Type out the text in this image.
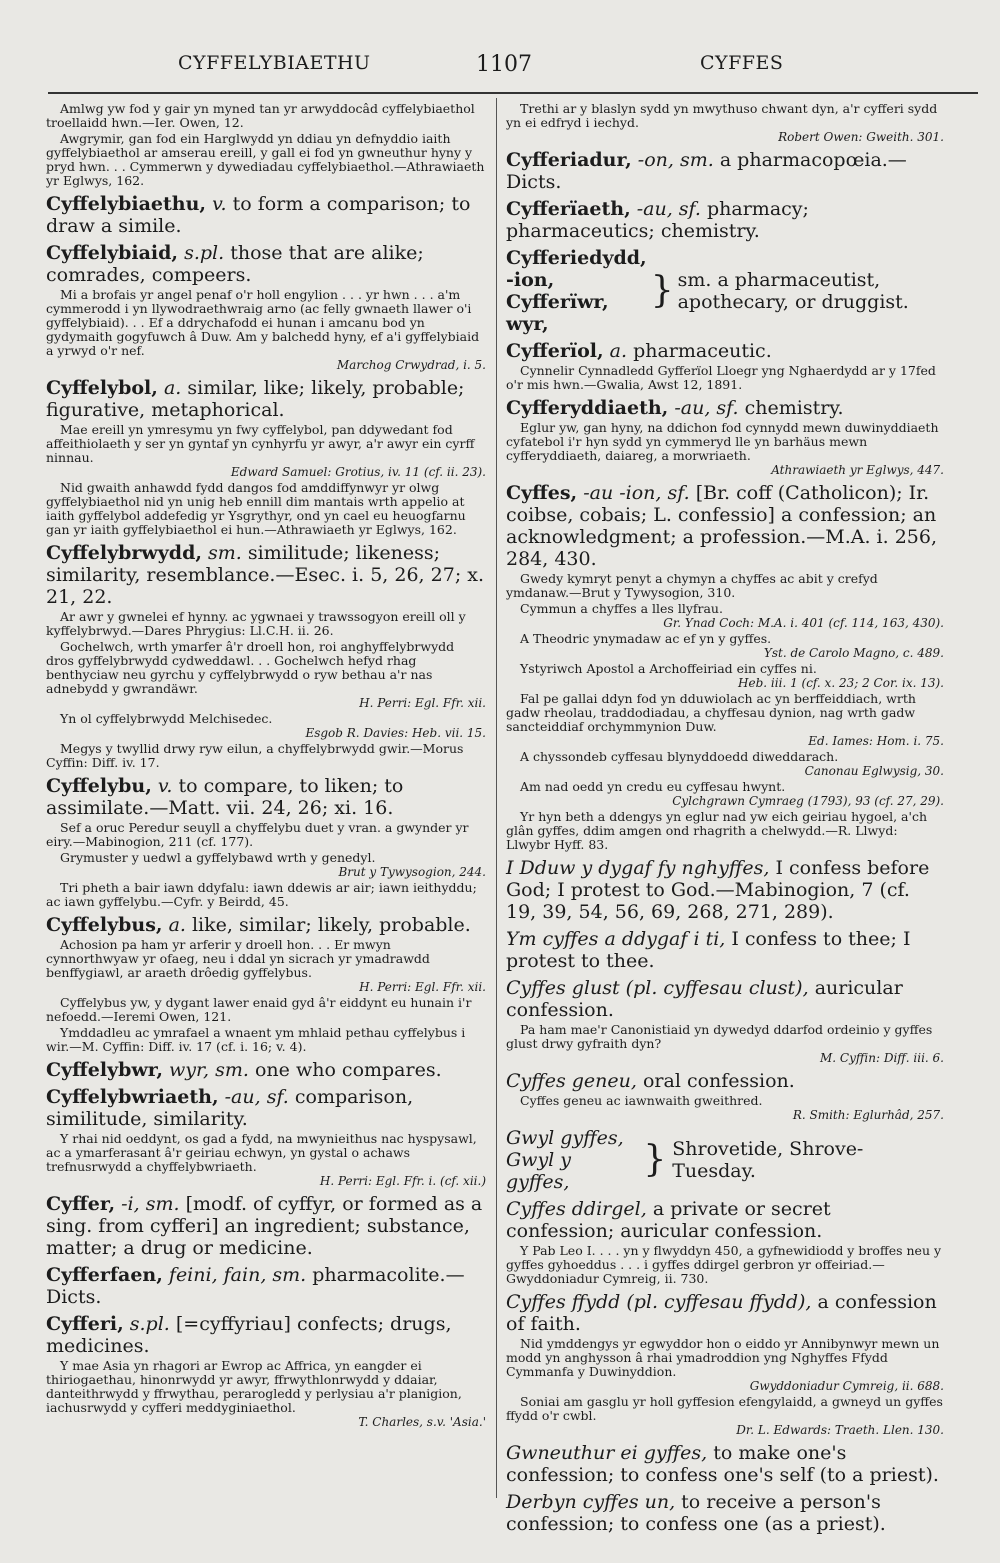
CYFFELYBIAETHU	1107	CYFFES

Amlwg yw fod y gair yn myned tan yr arwyddocâd cyffelybiaethol troellaidd hwn.—Ier. Owen, 12.

Awgrymir, gan fod ein Harglwydd yn ddiau yn defnyddio iaith gyffelybiaethol ar amserau ereill, y gall ei fod yn gwneuthur hyny y pryd hwn. . . Cymmerwn y dywediadau cyffelybiaethol.—Athrawiaeth yr Eglwys, 162.

Cyffelybiaethu, v. to form a comparison; to draw a simile.
Cyffelybiaid, s.pl. those that are alike; comrades, compeers.

Mi a brofais yr angel penaf o'r holl engylion . . . yr hwn . . . a'm cymmerodd i yn llywodraethwraig arno (ac felly gwnaeth llawer o'i gyffelybiaid). . . Ef a ddrychafodd ei hunan i amcanu bod yn gydymaith gogyfuwch â Duw. Am y balchedd hyny, ef a'i gyffelybiaid a yrwyd o'r nef.

Marchog Crwydrad, i. 5.

Cyffelybol, a. similar, like; likely, probable; figurative, metaphorical.

Mae ereill yn ymresymu yn fwy cyffelybol, pan ddywedant fod affeithiolaeth y ser yn gyntaf yn cynhyrfu yr awyr, a'r awyr ein cyrff ninnau.

Edward Samuel: Grotius, iv. 11 (cf. ii. 23).

Nid gwaith anhawdd fydd dangos fod amddiffynwyr yr olwg gyffelybiaethol nid yn unig heb ennill dim mantais wrth appelio at iaith gyffelybol addefedig yr Ysgrythyr, ond yn cael eu heuogfarnu gan yr iaith gyffelybiaethol ei hun.—Athrawiaeth yr Eglwys, 162.

Cyffelybrwydd, sm. similitude; likeness; similarity, resemblance.—Esec. i. 5, 26, 27; x. 21, 22.

Ar awr y gwnelei ef hynny. ac ygwnaei y trawssogyon ereill oll y kyffelybrwyd.—Dares Phrygius: Ll.C.H. ii. 26.

Gochelwch, wrth ymarfer â'r droell hon, roi anghyffelybrwydd dros gyffelybrwydd cydweddawl. . . Gochelwch hefyd rhag benthyciaw neu gyrchu y cyffelybrwydd o ryw bethau a'r nas adnebydd y gwrandäwr.

H. Perri: Egl. Ffr. xii.

Yn ol cyffelybrwydd Melchisedec.

Esgob R. Davies: Heb. vii. 15.

Megys y twyllid drwy ryw eilun, a chyffelybrwydd gwir.—Morus Cyffin: Diff. iv. 17.

Cyffelybu, v. to compare, to liken; to assimilate.—Matt. vii. 24, 26; xi. 16.

Sef a oruc Peredur seuyll a chyffelybu duet y vran. a gwynder yr eiry.—Mabinogion, 211 (cf. 177).

Grymuster y uedwl a gyffelybawd wrth y genedyl.

Brut y Tywysogion, 244.

Tri pheth a bair iawn ddyfalu: iawn ddewis ar air; iawn ieithyddu; ac iawn gyffelybu.—Cyfr. y Beirdd, 45.

Cyffelybus, a. like, similar; likely, probable.

Achosion pa ham yr arferir y droell hon. . . Er mwyn cynnorthwyaw yr ofaeg, neu i ddal yn sicrach yr ymadrawdd benffygiawl, ar araeth drôedig gyffelybus.

H. Perri: Egl. Ffr. xii.

Cyffelybus yw, y dygant lawer enaid gyd â'r eiddynt eu hunain i'r nefoedd.—Ieremi Owen, 121.

Ymddadleu ac ymrafael a wnaent ym mhlaid pethau cyffelybus i wir.—M. Cyffin: Diff. iv. 17 (cf. i. 16; v. 4).

Cyffelybwr, wyr, sm. one who compares.
Cyffelybwriaeth, -au, sf. comparison, similitude, similarity.

Y rhai nid oeddynt, os gad a fydd, na mwynieithus nac hyspysawl, ac a ymarferasant â'r geiriau echwyn, yn gystal o achaws trefnusrwydd a chyffelybwriaeth.

H. Perri: Egl. Ffr. i. (cf. xii.)

Cyffer, -i, sm. [modf. of cyffyr, or formed as a sing. from cyfferi] an ingredient; substance, matter; a drug or medicine.
Cyfferfaen, feini, fain, sm. pharmacolite.—Dicts.
Cyfferi, s.pl. [=cyffyriau] confects; drugs, medicines.

Y mae Asia yn rhagori ar Ewrop ac Affrica, yn eangder ei thiriogaethau, hinonrwydd yr awyr, ffrwythlonrwydd y ddaiar, danteithrwydd y ffrwythau, perarogledd y perlysiau a'r planigion, iachusrwydd y cyfferi meddyginiaethol.

T. Charles, s.v. 'Asia.'

Trethi ar y blaslyn sydd yn mwythuso chwant dyn, a'r cyfferi sydd yn ei edfryd i iechyd.

Robert Owen: Gweith. 301.

Cyfferiadur, -on, sm. a pharmacopœia.—Dicts.
Cyfferïaeth, -au, sf. pharmacy; pharmaceutics; chemistry.
Cyfferiedydd, -ion,
Cyfferïwr, wyr,
} sm. a pharmaceutist, apothecary, or druggist.
Cyfferïol, a. pharmaceutic.

Cynnelir Cynnadledd Gyfferïol Lloegr yng Nghaerdydd ar y 17fed o'r mis hwn.—Gwalia, Awst 12, 1891.

Cyfferyddiaeth, -au, sf. chemistry.

Eglur yw, gan hyny, na ddichon fod cynnydd mewn duwinyddiaeth cyfatebol i'r hyn sydd yn cymmeryd lle yn barhäus mewn cyfferyddiaeth, daiareg, a morwriaeth.

Athrawiaeth yr Eglwys, 447.

Cyffes, -au -ion, sf. [Br. coff (Catholicon); Ir. coibse, cobais; L. confessio] a confession; an acknowledgment; a profession.—M.A. i. 256, 284, 430.

Gwedy kymryt penyt a chymyn a chyffes ac abit y crefyd ymdanaw.—Brut y Tywysogion, 310.

Cymmun a chyffes a lles llyfrau.

Gr. Ynad Coch: M.A. i. 401 (cf. 114, 163, 430).

A Theodric ynymadaw ac ef yn y gyffes.

Yst. de Carolo Magno, c. 489.

Ystyriwch Apostol a Archoffeiriad ein cyffes ni.

Heb. iii. 1 (cf. x. 23; 2 Cor. ix. 13).

Fal pe gallai ddyn fod yn dduwiolach ac yn berffeiddiach, wrth gadw rheolau, traddodiadau, a chyffesau dynion, nag wrth gadw sancteiddiaf orchymmynion Duw.

Ed. Iames: Hom. i. 75.

A chyssondeb cyffesau blynyddoedd diweddarach.

Canonau Eglwysig, 30.

Am nad oedd yn credu eu cyffesau hwynt.

Cylchgrawn Cymraeg (1793), 93 (cf. 27, 29).

Yr hyn beth a ddengys yn eglur nad yw eich geiriau hygoel, a'ch glân gyffes, ddim amgen ond rhagrith a chelwydd.—R. Llwyd: Llwybr Hyff. 83.

I Dduw y dygaf fy nghyffes, I confess before God; I protest to God.—Mabinogion, 7 (cf. 19, 39, 54, 56, 69, 268, 271, 289).
Ym cyffes a ddygaf i ti, I confess to thee; I protest to thee.
Cyffes glust (pl. cyffesau clust), auricular confession.

Pa ham mae'r Canonistiaid yn dywedyd ddarfod ordeinio y gyffes glust drwy gyfraith dyn?

M. Cyffin: Diff. iii. 6.

Cyffes geneu, oral confession.

Cyffes geneu ac iawnwaith gweithred.

R. Smith: Eglurhâd, 257.

Gwyl gyffes,
Gwyl y gyffes,
} Shrovetide, Shrove-Tuesday.
Cyffes ddirgel, a private or secret confession; auricular confession.

Y Pab Leo I. . . . yn y flwyddyn 450, a gyfnewidiodd y broffes neu y gyffes gyhoeddus . . . i gyffes ddirgel gerbron yr offeiriad.—Gwyddoniadur Cymreig, ii. 730.

Cyffes ffydd (pl. cyffesau ffydd), a confession of faith.

Nid ymddengys yr egwyddor hon o eiddo yr Annibynwyr mewn un modd yn anghysson â rhai ymadroddion yng Nghyffes Ffydd Cymmanfa y Duwinyddion.

Gwyddoniadur Cymreig, ii. 688.

Soniai am gasglu yr holl gyffesion efengylaidd, a gwneyd un gyffes ffydd o'r cwbl.

Dr. L. Edwards: Traeth. Llen. 130.

Gwneuthur ei gyffes, to make one's confession; to confess one's self (to a priest).
Derbyn cyffes un, to receive a person's confession; to confess one (as a priest).
